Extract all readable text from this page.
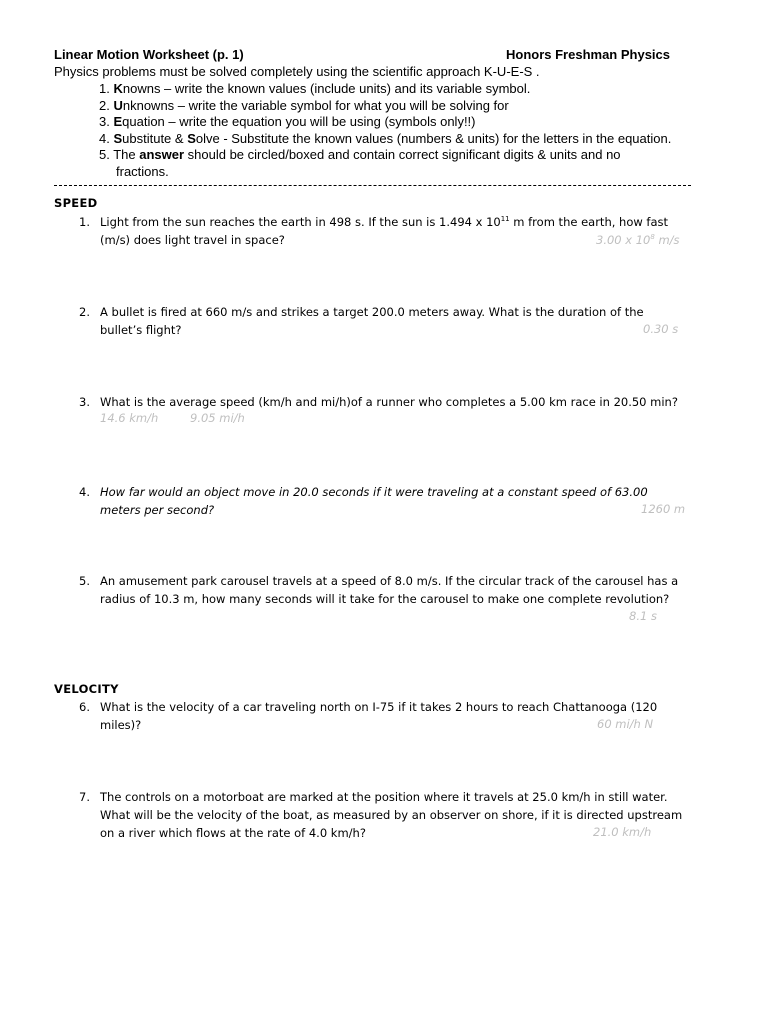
Linear Motion Worksheet (p. 1)	Honors Freshman Physics
Physics problems must be solved completely using the scientific approach K-U-E-S .
1. Knowns – write the known values (include units) and its variable symbol.
2. Unknowns – write the variable symbol for what you will be solving for
3. Equation – write the equation you will be using (symbols only!!)
4. Substitute & Solve - Substitute the known values (numbers & units) for the letters in the equation.
5. The answer should be circled/boxed and contain correct significant digits & units and no
fractions.
SPEED
1. Light from the sun reaches the earth in 498 s. If the sun is 1.494 x $10^{11}$ m from the earth, how fast
(m/s) does light travel in space?	3.00 x $10^8$ m/s
2. A bullet is fired at 660 m/s and strikes a target 200.0 meters away. What is the duration of the
bullet’s flight?	0.30 s
3. What is the average speed (km/h and mi/h)of a runner who completes a 5.00 km race in 20.50 min?
14.6 km/h	9.05 mi/h
4. How far would an object move in 20.0 seconds if it were traveling at a constant speed of 63.00
meters per second?	1260 m
5. An amusement park carousel travels at a speed of 8.0 m/s. If the circular track of the carousel has a
radius of 10.3 m, how many seconds will it take for the carousel to make one complete revolution?
8.1 s
VELOCITY
6. What is the velocity of a car traveling north on I-75 if it takes 2 hours to reach Chattanooga (120
miles)?	60 mi/h N
7. The controls on a motorboat are marked at the position where it travels at 25.0 km/h in still water.
What will be the velocity of the boat, as measured by an observer on shore, if it is directed upstream
on a river which flows at the rate of 4.0 km/h?	21.0 km/h
